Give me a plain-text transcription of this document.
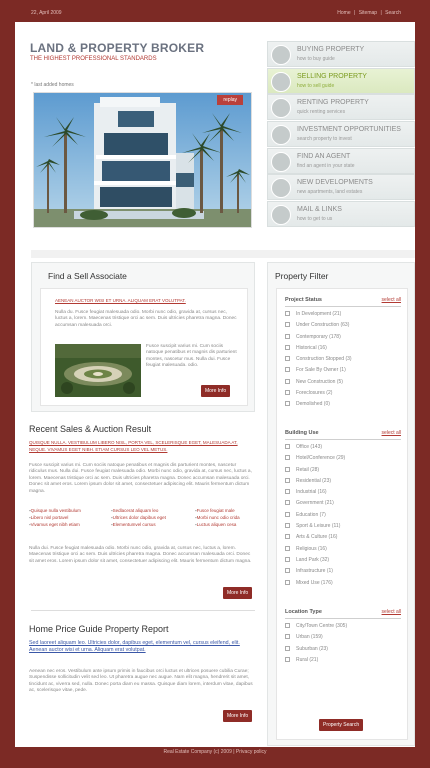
22, April 2009	Home | Sitemap | Search
LAND & PROPERTY BROKER
THE HIGHEST PROFESSIONAL STANDARDS
* last added homes
replay
BUYING PROPERTY
how to buy guide
SELLING PROPERTY
how to sell guide
RENTING PROPERTY
quick renting services
INVESTMENT OPPORTUNITIES
search property to invest
FIND AN AGENT
find an agent in your state
NEW DEVELOPMENTS
new apartments, land estates
MAIL & LINKS
how to get to us
Find a Sell Associate
AENEAN AUCTOR WISI ET URNA. ALIQUAM ERAT VOLUTPAT.
Nulla du. Fusce feugiat malesuada odio. Morbi nunc odio, gravida at, cursus nec, luctus a, lorem. Maecenas tristique orci ac sem. Duis ultricies pharetra magna. Donec accumsan malesuada orci.
Fusce suscipit varius mi. Cum sociis natoque penatibus et magnis dis parturient montes, nascetur mus. Nulla dui. Fusce feugiat malesuada. odio.
More Info
Recent Sales & Auction Result
QUISQUE NULLA. VESTIBULUM LIBERO NISL, PORTA VEL, SCELERISQUE EGET, MALESUADA AT, NEQUE. VIVAMUS EGET NIBH. ETIAM CURSUS LEO VEL METUS.
Fusce suscipit varius mi. Cum sociis natoque penatibus et magnis dis parturient montes, nascetur ridiculus mus. Nulla dui. Fusce feugiat malesuada odio. Morbi nunc odio, gravida at, cursus nec, luctus a, lorem. Maecenas tristique orci ac sem. Duis ultricies pharetra magna. Donec accumsan malesuada orci. Donec sit amet eros. Lorem ipsum dolor sit amet, consectetuer adipiscing elit. Mauris fermentum dictum magna.
▪ Quisque nulla vestibulum
▪ Libero nisl portavel
▪ Vivamus eget nibh etiam
▪ Sedlacerat aliquam leo
▪ Ultrices dolor dapibus eget
▪ Elementumvel cursus
▪ Fusce feugiat male
▪ Morbi nunc odio crida
▪ Luctus aliquen cesa
Nulla dui. Fusce feugiat malesuada odio. Morbi nunc odio, gravida at, cursus nec, luctus a, lorem. Maecenas tristique orci ac sem. Duis ultricies pharetra magna. Donec accumsan malesuada orci. Donec sit amet eros. Lorem ipsum dolor sit amet, consectetuer adipiscing elit. Mauris fermentum dictum magna.
More Info
Home Price Guide Property Report
Sed laoreet aliquam leo. Ultricies dolor, dapibus eget, elementum vel, cursus eleifend, elit. Aenean auctor wisi et urna. Aliquam erat volutpat.
Aenean nec eros. Vestibulum ante ipsum primis in faucibus orci luctus et ultrices posuere cubilia Curae; Suspendisse sollicitudin velit sed leo. Ut pharetra augue nec augue. Nam elit magna, hendrerit sit amet, tincidunt ac, viverra sed, nulla. Donec porta diam eu massa. Quisque diam lorem, interdum vitae, dapibus ac, scelerisque vitae, pede.
More Info
Property Filter
Project Status	select all
In Development (21)
Under Construction (63)
Contemporary (178)
Historical (16)
Construction Stopped (3)
For Sale By Owner (1)
New Construction (5)
Foreclosures (2)
Demolished (0)
Building Use	select all
Office (143)
Hotel/Conference (29)
Retail (28)
Residential (23)
Industrial (16)
Government (21)
Education (7)
Sport & Leisure (11)
Arts & Culture (16)
Religious (16)
Land Park (32)
Infrastructure (1)
Mixed Use (176)
Location Type	select all
City/Town Centre (305)
Urban (159)
Suburban (23)
Rural (21)
Property Search
Real Estate Company (c) 2009 | Privacy policy
